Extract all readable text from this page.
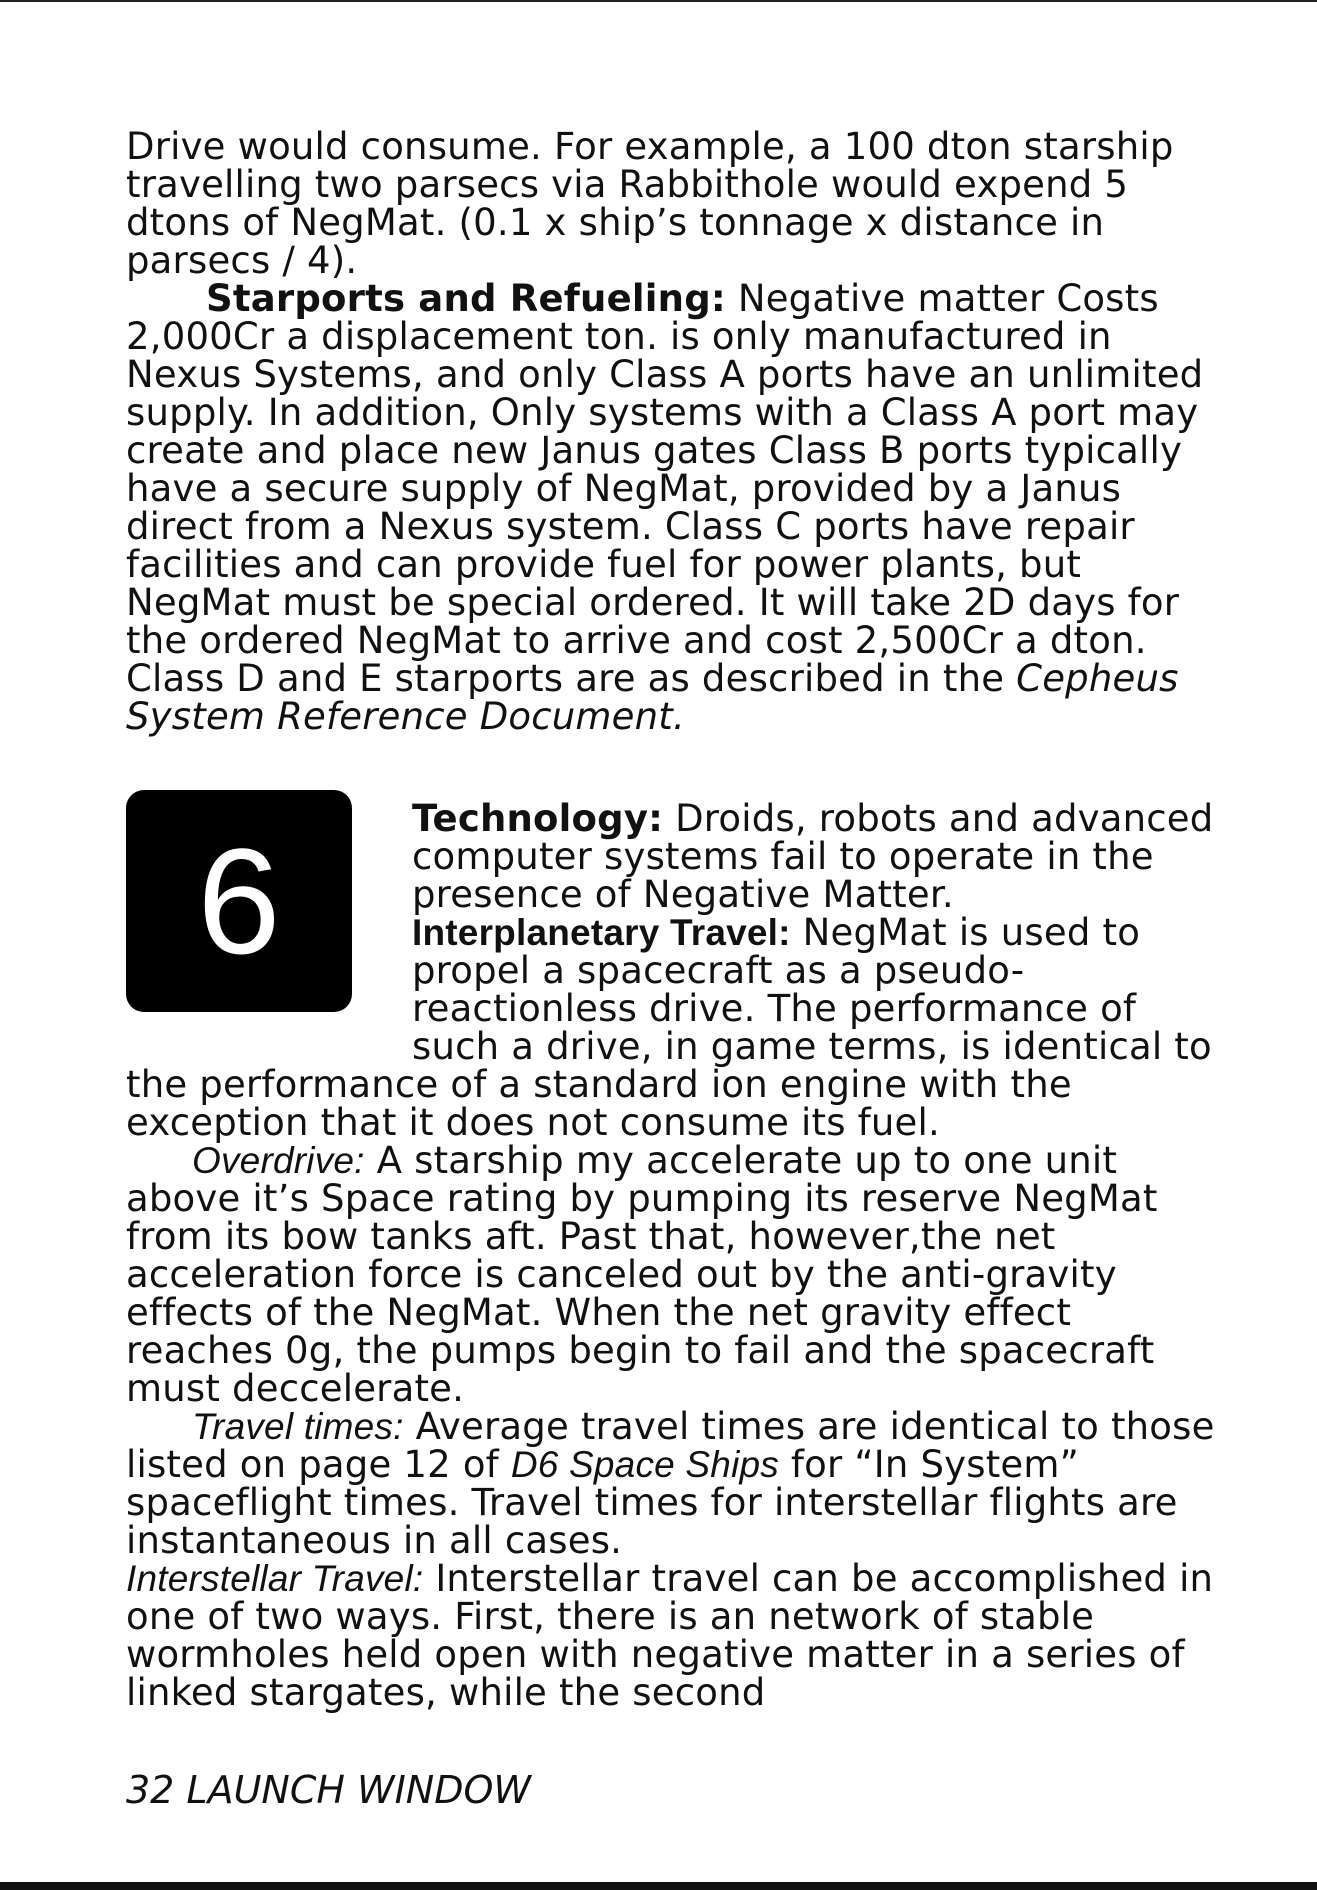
Drive would consume. For example, a 100 dton starship travelling two parsecs via Rabbithole would expend 5 dtons of NegMat. (0.1 x ship’s tonnage x distance in parsecs / 4).

Starports and Refueling: Negative matter Costs 2,000Cr a displacement ton. is only manufactured in Nexus Systems, and only Class A ports have an unlimited supply. In addition, Only systems with a Class A port may create and place new Janus gates Class B ports typically have a secure supply of NegMat, provided by a Janus direct from a Nexus system. Class C ports have repair facilities and can provide fuel for power plants, but NegMat must be special ordered. It will take 2D days for the ordered NegMat to arrive and cost 2,500Cr a dton. Class D and E starports are as described in the Cepheus System Reference Document.

6	Technology: Droids, robots and advanced computer systems fail to operate in the presence of Negative Matter.

Interplanetary Travel: NegMat is used to propel a spacecraft as a pseudo-reactionless drive. The performance of such a drive, in game terms, is identical to the performance of a standard ion engine with the exception that it does not consume its fuel.

Overdrive: A starship my accelerate up to one unit above it’s Space rating by pumping its reserve NegMat from its bow tanks aft. Past that, however,the net acceleration force is canceled out by the anti-gravity effects of the NegMat. When the net gravity effect reaches 0g, the pumps begin to fail and the spacecraft must deccelerate.

Travel times: Average travel times are identical to those listed on page 12 of D6 Space Ships for “In System” spaceflight times. Travel times for interstellar flights are instantaneous in all cases.

Interstellar Travel: Interstellar travel can be accomplished in one of two ways. First, there is an network of stable wormholes held open with negative matter in a series of linked stargates, while the second

32 LAUNCH WINDOW
